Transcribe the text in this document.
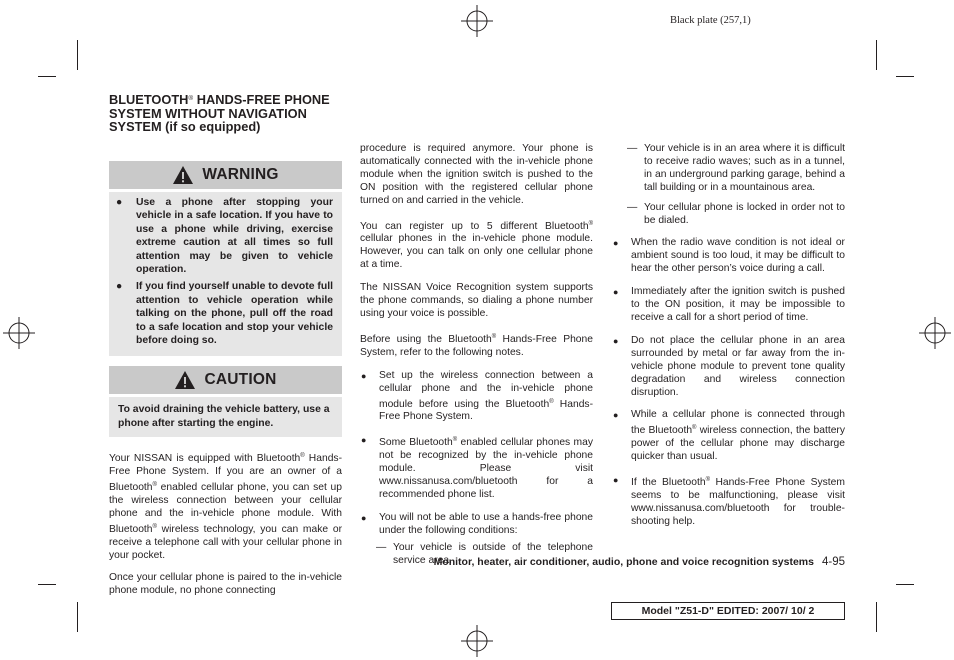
Black plate (257,1)
BLUETOOTH® HANDS-FREE PHONE SYSTEM WITHOUT NAVIGATION SYSTEM (if so equipped)
WARNING
●	Use a phone after stopping your vehicle in a safe location. If you have to use a phone while driving, exercise extreme caution at all times so full attention may be given to vehicle operation.
●	If you find yourself unable to devote full attention to vehicle operation while talking on the phone, pull off the road to a safe location and stop your vehicle before doing so.
CAUTION
To avoid draining the vehicle battery, use a phone after starting the engine.

Your NISSAN is equipped with Bluetooth® Hands-Free Phone System. If you are an owner of a Bluetooth® enabled cellular phone, you can set up the wireless connection between your cellular phone and the in-vehicle phone module. With Bluetooth® wireless technology, you can make or receive a telephone call with your cellular phone in your pocket.

Once your cellular phone is paired to the in-vehicle phone module, no phone connecting

procedure is required anymore. Your phone is automatically connected with the in-vehicle phone module when the ignition switch is pushed to the ON position with the registered cellular phone turned on and carried in the vehicle.

You can register up to 5 different Bluetooth® cellular phones in the in-vehicle phone module. However, you can talk on only one cellular phone at a time.

The NISSAN Voice Recognition system supports the phone commands, so dialing a phone number using your voice is possible.

Before using the Bluetooth® Hands-Free Phone System, refer to the following notes.

●	Set up the wireless connection between a cellular phone and the in-vehicle phone module before using the Bluetooth® Hands-Free Phone System.
●	Some Bluetooth® enabled cellular phones may not be recognized by the in-vehicle phone module. Please visit www.nissanusa.com/bluetooth for a recommended phone list.
●	You will not be able to use a hands-free phone under the following conditions:
— Your vehicle is outside of the telephone service area.
— Your vehicle is in an area where it is difficult to receive radio waves; such as in a tunnel, in an underground parking garage, behind a tall building or in a mountainous area.
— Your cellular phone is locked in order not to be dialed.
●	When the radio wave condition is not ideal or ambient sound is too loud, it may be difficult to hear the other person’s voice during a call.
●	Immediately after the ignition switch is pushed to the ON position, it may be impossible to receive a call for a short period of time.
●	Do not place the cellular phone in an area surrounded by metal or far away from the in-vehicle phone module to prevent tone quality degradation and wireless connection disruption.
●	While a cellular phone is connected through the Bluetooth® wireless connection, the battery power of the cellular phone may discharge quicker than usual.
●	If the Bluetooth® Hands-Free Phone System seems to be malfunctioning, please visit www.nissanusa.com/bluetooth for trouble-shooting help.
Monitor, heater, air conditioner, audio, phone and voice recognition systems 4-95
Model "Z51-D" EDITED: 2007/ 10/ 2
